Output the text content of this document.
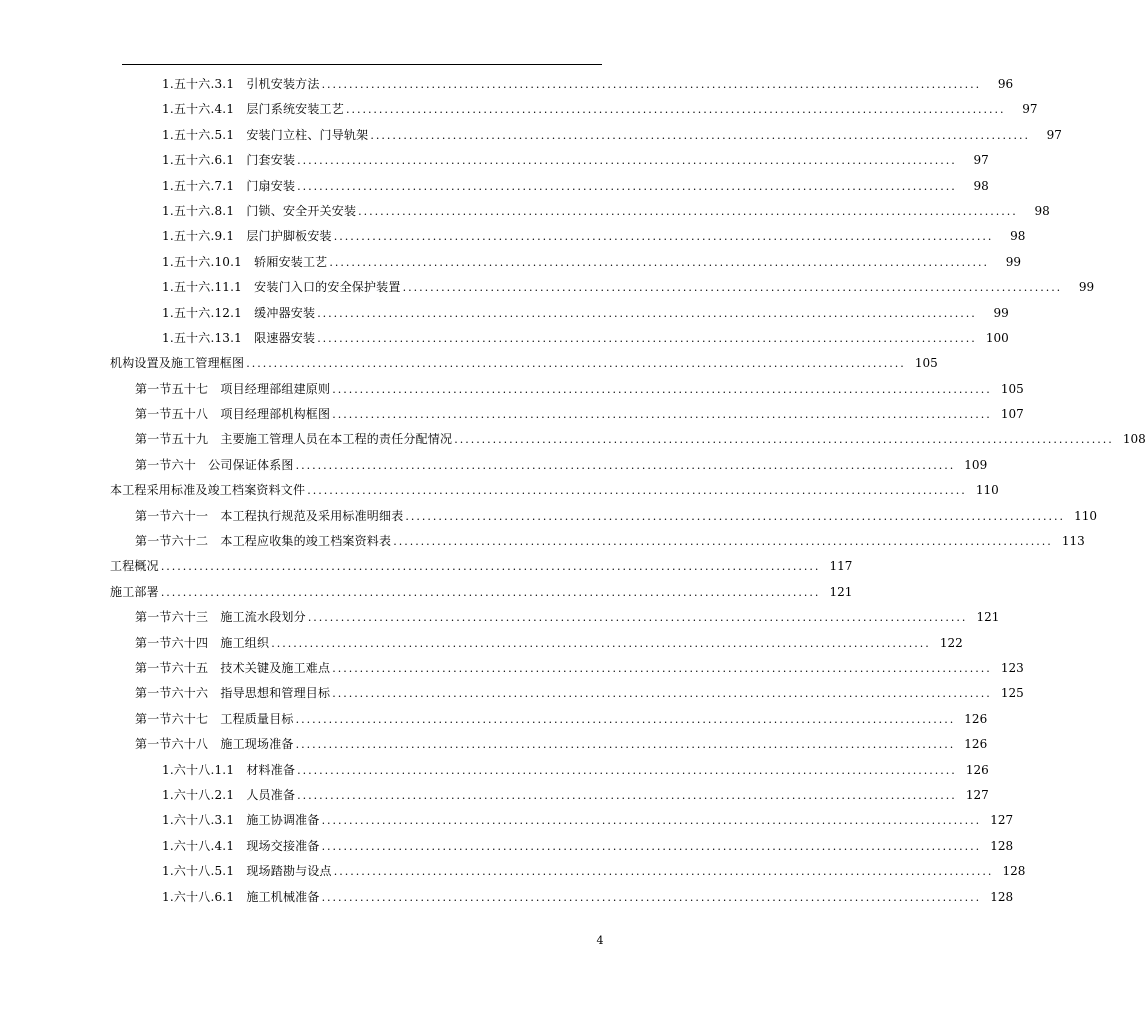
1.五十六.3.1　引机安装方法 ........................................................................................................................	96
1.五十六.4.1　层门系统安装工艺 ........................................................................................................................	97
1.五十六.5.1　安装门立柱、门导轨架 ........................................................................................................................	97
1.五十六.6.1　门套安装 ........................................................................................................................	97
1.五十六.7.1　门扇安装 ........................................................................................................................	98
1.五十六.8.1　门锁、安全开关安装 ........................................................................................................................	98
1.五十六.9.1　层门护脚板安装 ........................................................................................................................	98
1.五十六.10.1　轿厢安装工艺 ........................................................................................................................	99
1.五十六.11.1　安装门入口的安全保护装置 ........................................................................................................................	99
1.五十六.12.1　缓冲器安装 ........................................................................................................................	99
1.五十六.13.1　限速器安装 ........................................................................................................................ 100
机构设置及施工管理框图 ........................................................................................................................ 105
第一节五十七　项目经理部组建原则 ........................................................................................................................ 105
第一节五十八　项目经理部机构框图 ........................................................................................................................ 107
第一节五十九　主要施工管理人员在本工程的责任分配情况 ........................................................................................................................ 108
第一节六十　公司保证体系图 ........................................................................................................................ 109
本工程采用标准及竣工档案资料文件 ........................................................................................................................ 110
第一节六十一　本工程执行规范及采用标准明细表 ........................................................................................................................ 110
第一节六十二　本工程应收集的竣工档案资料表 ........................................................................................................................ 113
工程概况 ........................................................................................................................ 117
施工部署 ........................................................................................................................ 121
第一节六十三　施工流水段划分 ........................................................................................................................ 121
第一节六十四　施工组织 ........................................................................................................................ 122
第一节六十五　技术关键及施工难点 ........................................................................................................................ 123
第一节六十六　指导思想和管理目标 ........................................................................................................................ 125
第一节六十七　工程质量目标 ........................................................................................................................ 126
第一节六十八　施工现场准备 ........................................................................................................................ 126
1.六十八.1.1　材料准备 ........................................................................................................................ 126
1.六十八.2.1　人员准备 ........................................................................................................................ 127
1.六十八.3.1　施工协调准备 ........................................................................................................................ 127
1.六十八.4.1　现场交接准备 ........................................................................................................................ 128
1.六十八.5.1　现场踏勘与设点 ........................................................................................................................ 128
1.六十八.6.1　施工机械准备 ........................................................................................................................ 128
4
